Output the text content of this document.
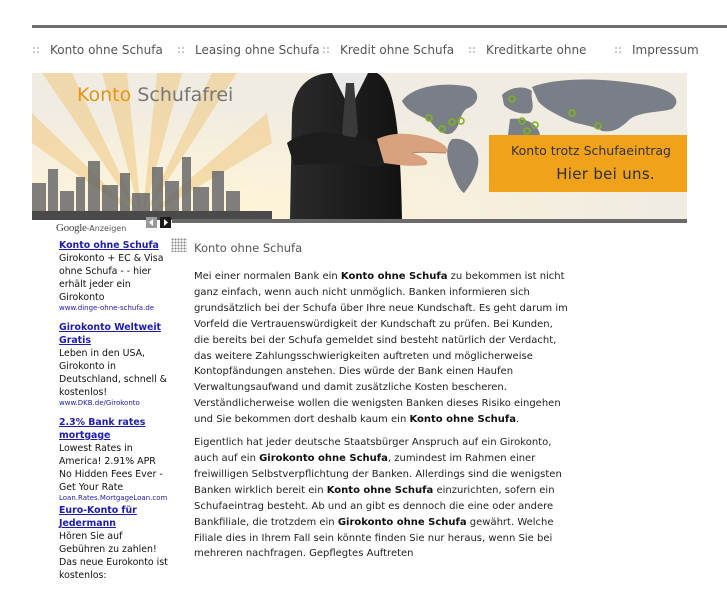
Konto ohne Schufa	Leasing ohne Schufa	Kredit ohne Schufa	Kreditkarte ohne	Impressum
Konto Schufafrei
Konto trotz Schufaeintrag
Hier bei uns.
Google-Anzeigen
Konto ohne Schufa
Girokonto + EC & Visa ohne Schufa - - hier erhält jeder ein Girokonto
www.dinge-ohne-schufa.de
Girokonto Weltweit Gratis
Leben in den USA, Girokonto in Deutschland, schnell & kostenlos!
www.DKB.de/Girokonto
2.3% Bank rates mortgage
Lowest Rates in America! 2.91% APR No Hidden Fees Ever - Get Your Rate
Loan.Rates.MortgageLoan.com
Euro-Konto für Jedermann
Hören Sie auf Gebühren zu zahlen! Das neue Eurokonto ist kostenlos:
Konto ohne Schufa

Mei einer normalen Bank ein Konto ohne Schufa zu bekommen ist nicht ganz einfach, wenn auch nicht unmöglich. Banken informieren sich grundsätzlich bei der Schufa über Ihre neue Kundschaft. Es geht darum im Vorfeld die Vertrauenswürdigkeit der Kundschaft zu prüfen. Bei Kunden, die bereits bei der Schufa gemeldet sind besteht natürlich der Verdacht, das weitere Zahlungsschwierigkeiten auftreten und möglicherweise Kontopfändungen anstehen. Dies würde der Bank einen Haufen Verwaltungsaufwand und damit zusätzliche Kosten bescheren. Verständlicherweise wollen die wenigsten Banken dieses Risiko eingehen und Sie bekommen dort deshalb kaum ein Konto ohne Schufa.

Eigentlich hat jeder deutsche Staatsbürger Anspruch auf ein Girokonto, auch auf ein Girokonto ohne Schufa, zumindest im Rahmen einer freiwilligen Selbstverpflichtung der Banken. Allerdings sind die wenigsten Banken wirklich bereit ein Konto ohne Schufa einzurichten, sofern ein Schufaeintrag besteht. Ab und an gibt es dennoch die eine oder andere Bankfiliale, die trotzdem ein Girokonto ohne Schufa gewährt. Welche Filiale dies in Ihrem Fall sein könnte finden Sie nur heraus, wenn Sie bei mehreren nachfragen. Gepflegtes Auftreten
